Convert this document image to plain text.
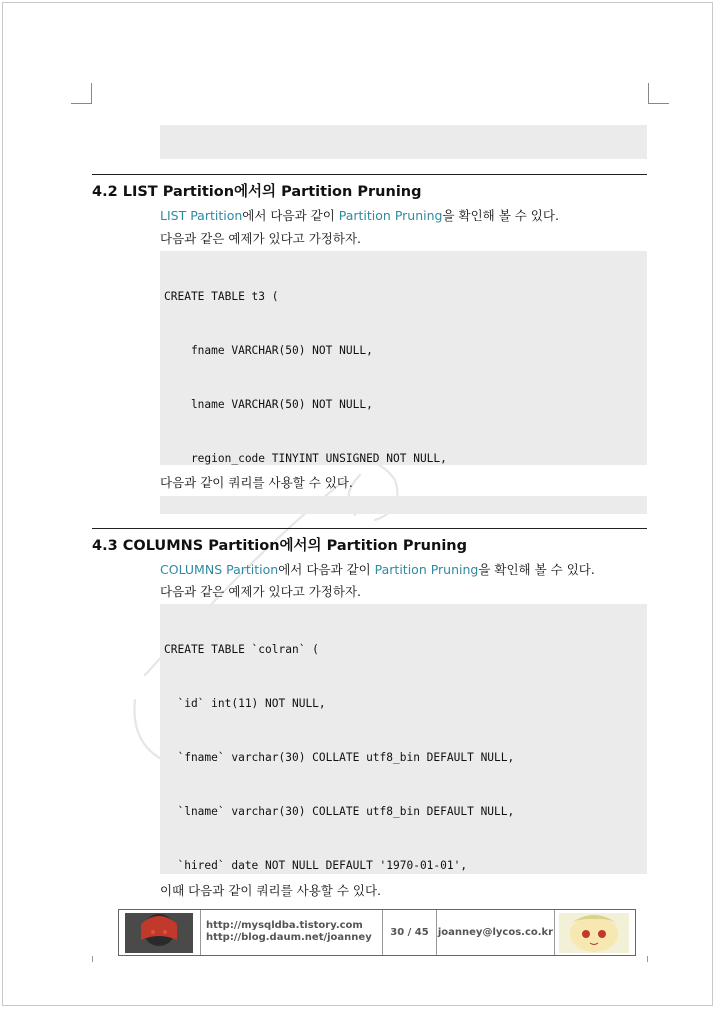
4.2 LIST Partition에서의 Partition Pruning
LIST Partition에서 다음과 같이 Partition Pruning을 확인해 볼 수 있다.
다음과 같은 예제가 있다고 가정하자.

CREATE TABLE t3 (

fname VARCHAR(50) NOT NULL,

lname VARCHAR(50) NOT NULL,

region_code TINYINT UNSIGNED NOT NULL,

다음과 같이 쿼리를 사용할 수 있다.

4.3 COLUMNS Partition에서의 Partition Pruning
COLUMNS Partition에서 다음과 같이 Partition Pruning을 확인해 볼 수 있다.
다음과 같은 예제가 있다고 가정하자.

CREATE TABLE `colran` (

`id` int(11) NOT NULL,

`fname` varchar(30) COLLATE utf8_bin DEFAULT NULL,

`lname` varchar(30) COLLATE utf8_bin DEFAULT NULL,

`hired` date NOT NULL DEFAULT '1970-01-01',

이때 다음과 같이 쿼리를 사용할 수 있다.
http://mysqldba.tistory.com
http://blog.daum.net/joanney	30 / 45 joanney@lycos.co.kr
